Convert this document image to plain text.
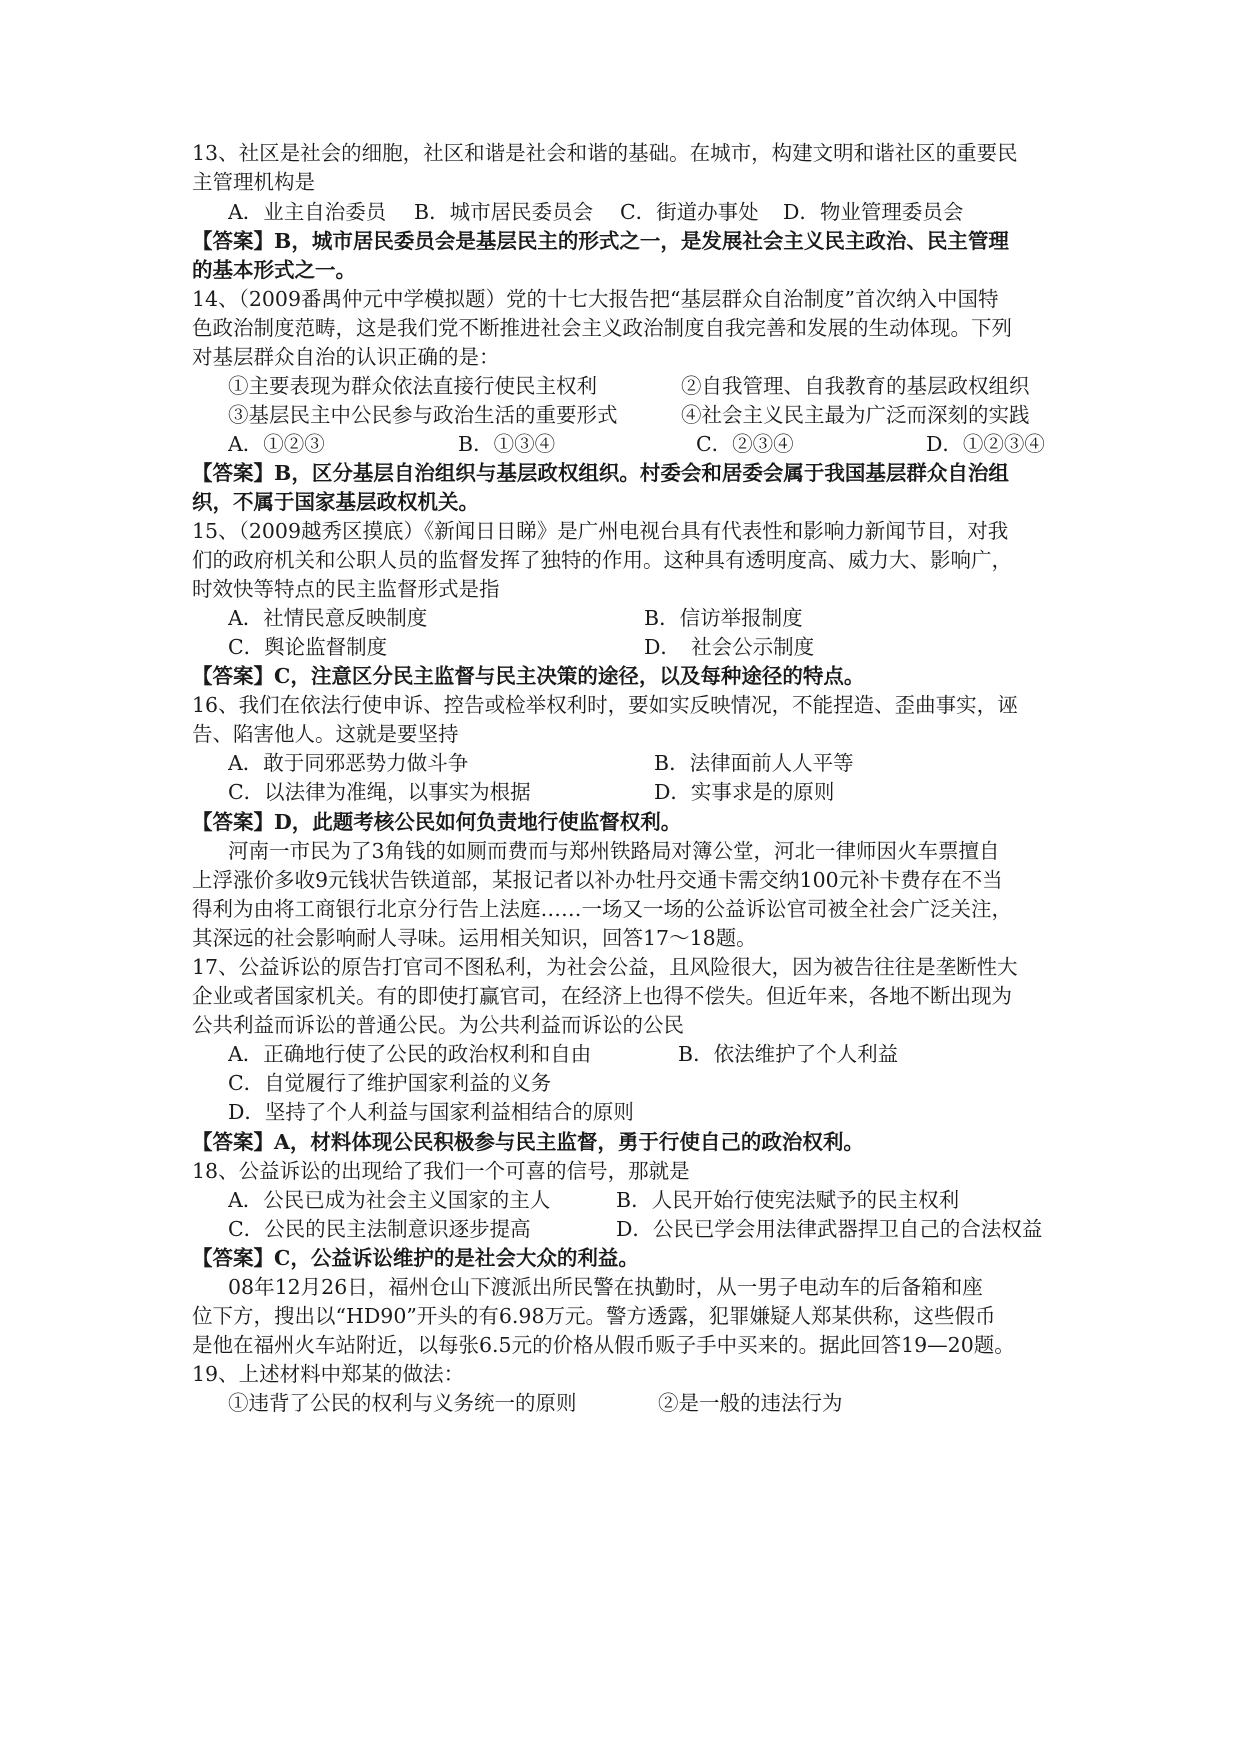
13、社区是社会的细胞，社区和谐是社会和谐的基础。在城市，构建文明和谐社区的重要民
主管理机构是
A．业主自治委员 B．城市居民委员会 C．街道办事处 D．物业管理委员会
【答案】B，城市居民委员会是基层民主的形式之一，是发展社会主义民主政治、民主管理
的基本形式之一。
14、（2009番禺仲元中学模拟题）党的十七大报告把“基层群众自治制度”首次纳入中国特
色政治制度范畴，这是我们党不断推进社会主义政治制度自我完善和发展的生动体现。下列
对基层群众自治的认识正确的是：
①主要表现为群众依法直接行使民主权利	②自我管理、自我教育的基层政权组织
③基层民主中公民参与政治生活的重要形式	④社会主义民主最为广泛而深刻的实践
A．①②③	B．①③④	C．②③④	D．①②③④
【答案】B，区分基层自治组织与基层政权组织。村委会和居委会属于我国基层群众自治组
织，不属于国家基层政权机关。
15、（2009越秀区摸底）《新闻日日睇》是广州电视台具有代表性和影响力新闻节目，对我
们的政府机关和公职人员的监督发挥了独特的作用。这种具有透明度高、威力大、影响广，
时效快等特点的民主监督形式是指
A．社情民意反映制度	B．信访举报制度
C．舆论监督制度	D．　社会公示制度
【答案】C，注意区分民主监督与民主决策的途径，以及每种途径的特点。
16、我们在依法行使申诉、控告或检举权利时，要如实反映情况，不能捏造、歪曲事实，诬
告、陷害他人。这就是要坚持
A．敢于同邪恶势力做斗争	B．法律面前人人平等
C．以法律为准绳，以事实为根据	D．实事求是的原则
【答案】D，此题考核公民如何负责地行使监督权利。
河南一市民为了3角钱的如厕而费而与郑州铁路局对簿公堂，河北一律师因火车票擅自
上浮涨价多收9元钱状告铁道部，某报记者以补办牡丹交通卡需交纳100元补卡费存在不当
得利为由将工商银行北京分行告上法庭……一场又一场的公益诉讼官司被全社会广泛关注，
其深远的社会影响耐人寻味。运用相关知识，回答17～18题。
17、公益诉讼的原告打官司不图私利，为社会公益，且风险很大，因为被告往往是垄断性大
企业或者国家机关。有的即使打赢官司，在经济上也得不偿失。但近年来，各地不断出现为
公共利益而诉讼的普通公民。为公共利益而诉讼的公民
A．正确地行使了公民的政治权利和自由	B．依法维护了个人利益
C．自觉履行了维护国家利益的义务
D．坚持了个人利益与国家利益相结合的原则
【答案】A，材料体现公民积极参与民主监督，勇于行使自己的政治权利。
18、公益诉讼的出现给了我们一个可喜的信号，那就是
A．公民已成为社会主义国家的主人	B．人民开始行使宪法赋予的民主权利
C．公民的民主法制意识逐步提高	D．公民已学会用法律武器捍卫自己的合法权益
【答案】C，公益诉讼维护的是社会大众的利益。
08年12月26日，福州仓山下渡派出所民警在执勤时，从一男子电动车的后备箱和座
位下方，搜出以“HD90”开头的有6.98万元。警方透露，犯罪嫌疑人郑某供称，这些假币
是他在福州火车站附近，以每张6.5元的价格从假币贩子手中买来的。据此回答19—20题。
19、上述材料中郑某的做法：
①违背了公民的权利与义务统一的原则	②是一般的违法行为
